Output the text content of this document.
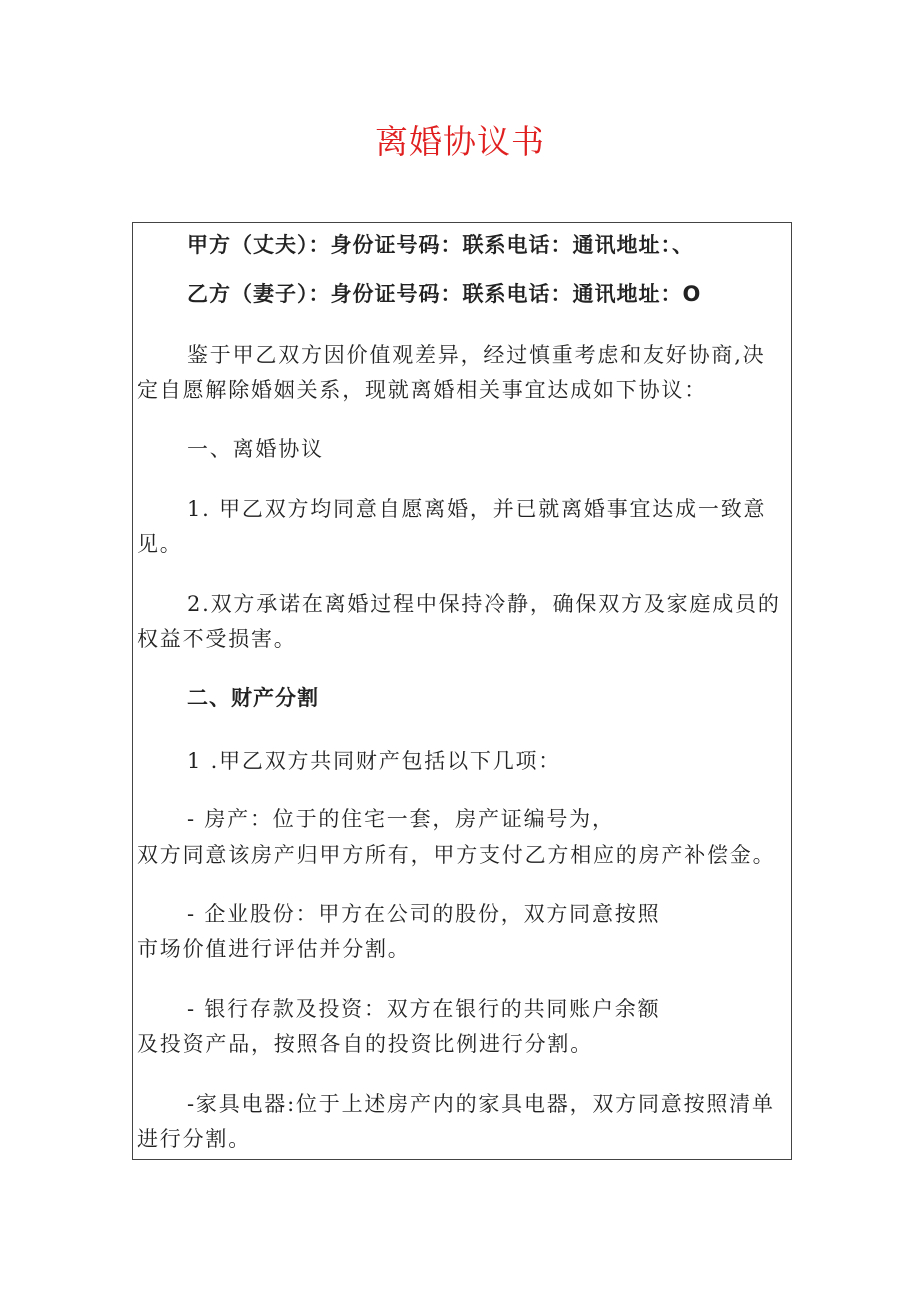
离婚协议书
甲方（丈夫）：身份证号码：联系电话：通讯地址：、
乙方（妻子）：身份证号码：联系电话：通讯地址：O
鉴于甲乙双方因价值观差异，经过慎重考虑和友好协商,决
定自愿解除婚姻关系，现就离婚相关事宜达成如下协议：
一、离婚协议
1. 甲乙双方均同意自愿离婚，并已就离婚事宜达成一致意
见。
2.双方承诺在离婚过程中保持冷静，确保双方及家庭成员的
权益不受损害。
二、财产分割
1 .甲乙双方共同财产包括以下几项：
- 房产：位于的住宅一套，房产证编号为，
双方同意该房产归甲方所有，甲方支付乙方相应的房产补偿金。
- 企业股份：甲方在公司的股份，双方同意按照
市场价值进行评估并分割。
- 银行存款及投资：双方在银行的共同账户余额
及投资产品，按照各自的投资比例进行分割。
-家具电器:位于上述房产内的家具电器，双方同意按照清单
进行分割。
